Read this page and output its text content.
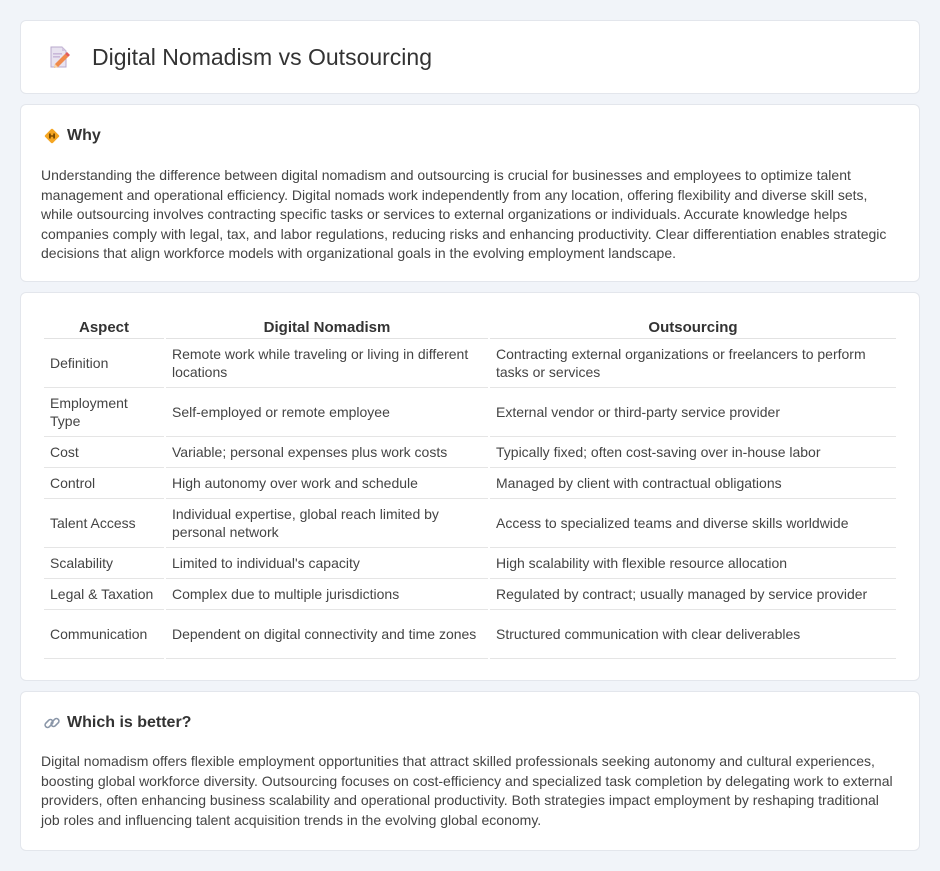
Digital Nomadism vs Outsourcing
Why

Understanding the difference between digital nomadism and outsourcing is crucial for businesses and employees to optimize talent management and operational efficiency. Digital nomads work independently from any location, offering flexibility and diverse skill sets, while outsourcing involves contracting specific tasks or services to external organizations or individuals. Accurate knowledge helps companies comply with legal, tax, and labor regulations, reducing risks and enhancing productivity. Clear differentiation enables strategic decisions that align workforce models with organizational goals in the evolving employment landscape.

Aspect	Digital Nomadism	Outsourcing
Definition	Remote work while traveling or living in different locations	Contracting external organizations or freelancers to perform tasks or services
Employment Type	Self-employed or remote employee	External vendor or third-party service provider
Cost	Variable; personal expenses plus work costs	Typically fixed; often cost-saving over in-house labor
Control	High autonomy over work and schedule	Managed by client with contractual obligations
Talent Access	Individual expertise, global reach limited by personal network	Access to specialized teams and diverse skills worldwide
Scalability	Limited to individual's capacity	High scalability with flexible resource allocation
Legal & Taxation	Complex due to multiple jurisdictions	Regulated by contract; usually managed by service provider
Communication	Dependent on digital connectivity and time zones	Structured communication with clear deliverables
Which is better?

Digital nomadism offers flexible employment opportunities that attract skilled professionals seeking autonomy and cultural experiences, boosting global workforce diversity. Outsourcing focuses on cost-efficiency and specialized task completion by delegating work to external providers, often enhancing business scalability and operational productivity. Both strategies impact employment by reshaping traditional job roles and influencing talent acquisition trends in the evolving global economy.
